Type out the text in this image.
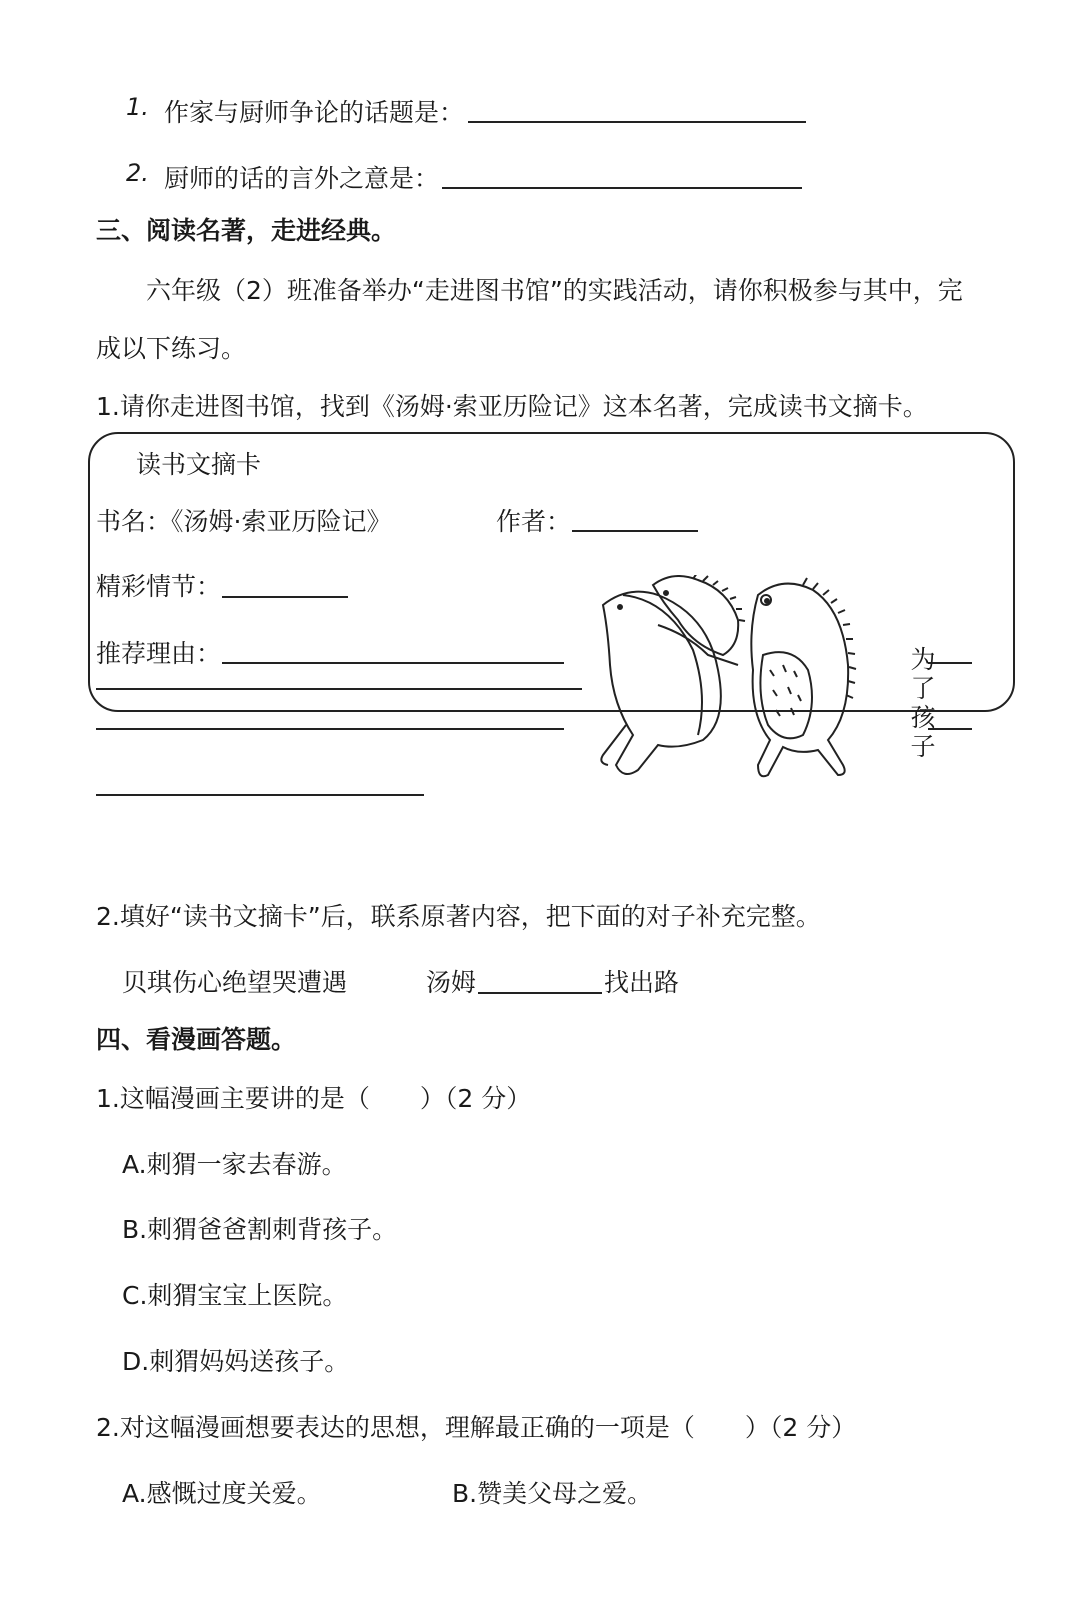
1. 作家与厨师争论的话题是：
2. 厨师的话的言外之意是：
三、阅读名著，走进经典。
六年级（2）班准备举办“走进图书馆”的实践活动，请你积极参与其中，完
成以下练习。
1.请你走进图书馆，找到《汤姆·索亚历险记》这本名著，完成读书文摘卡。
读书文摘卡
书名：《汤姆·索亚历险记》	作者：
精彩情节：
推荐理由：	为了孩子
2.填好“读书文摘卡”后，联系原著内容，把下面的对子补充完整。
贝琪伤心绝望哭遭遇	汤姆	找出路
四、看漫画答题。
1.这幅漫画主要讲的是（　　）（2 分）
A.刺猬一家去春游。
B.刺猬爸爸割刺背孩子。
C.刺猬宝宝上医院。
D.刺猬妈妈送孩子。
2.对这幅漫画想要表达的思想，理解最正确的一项是（　　）（2 分）
A.感慨过度关爱。	B.赞美父母之爱。
